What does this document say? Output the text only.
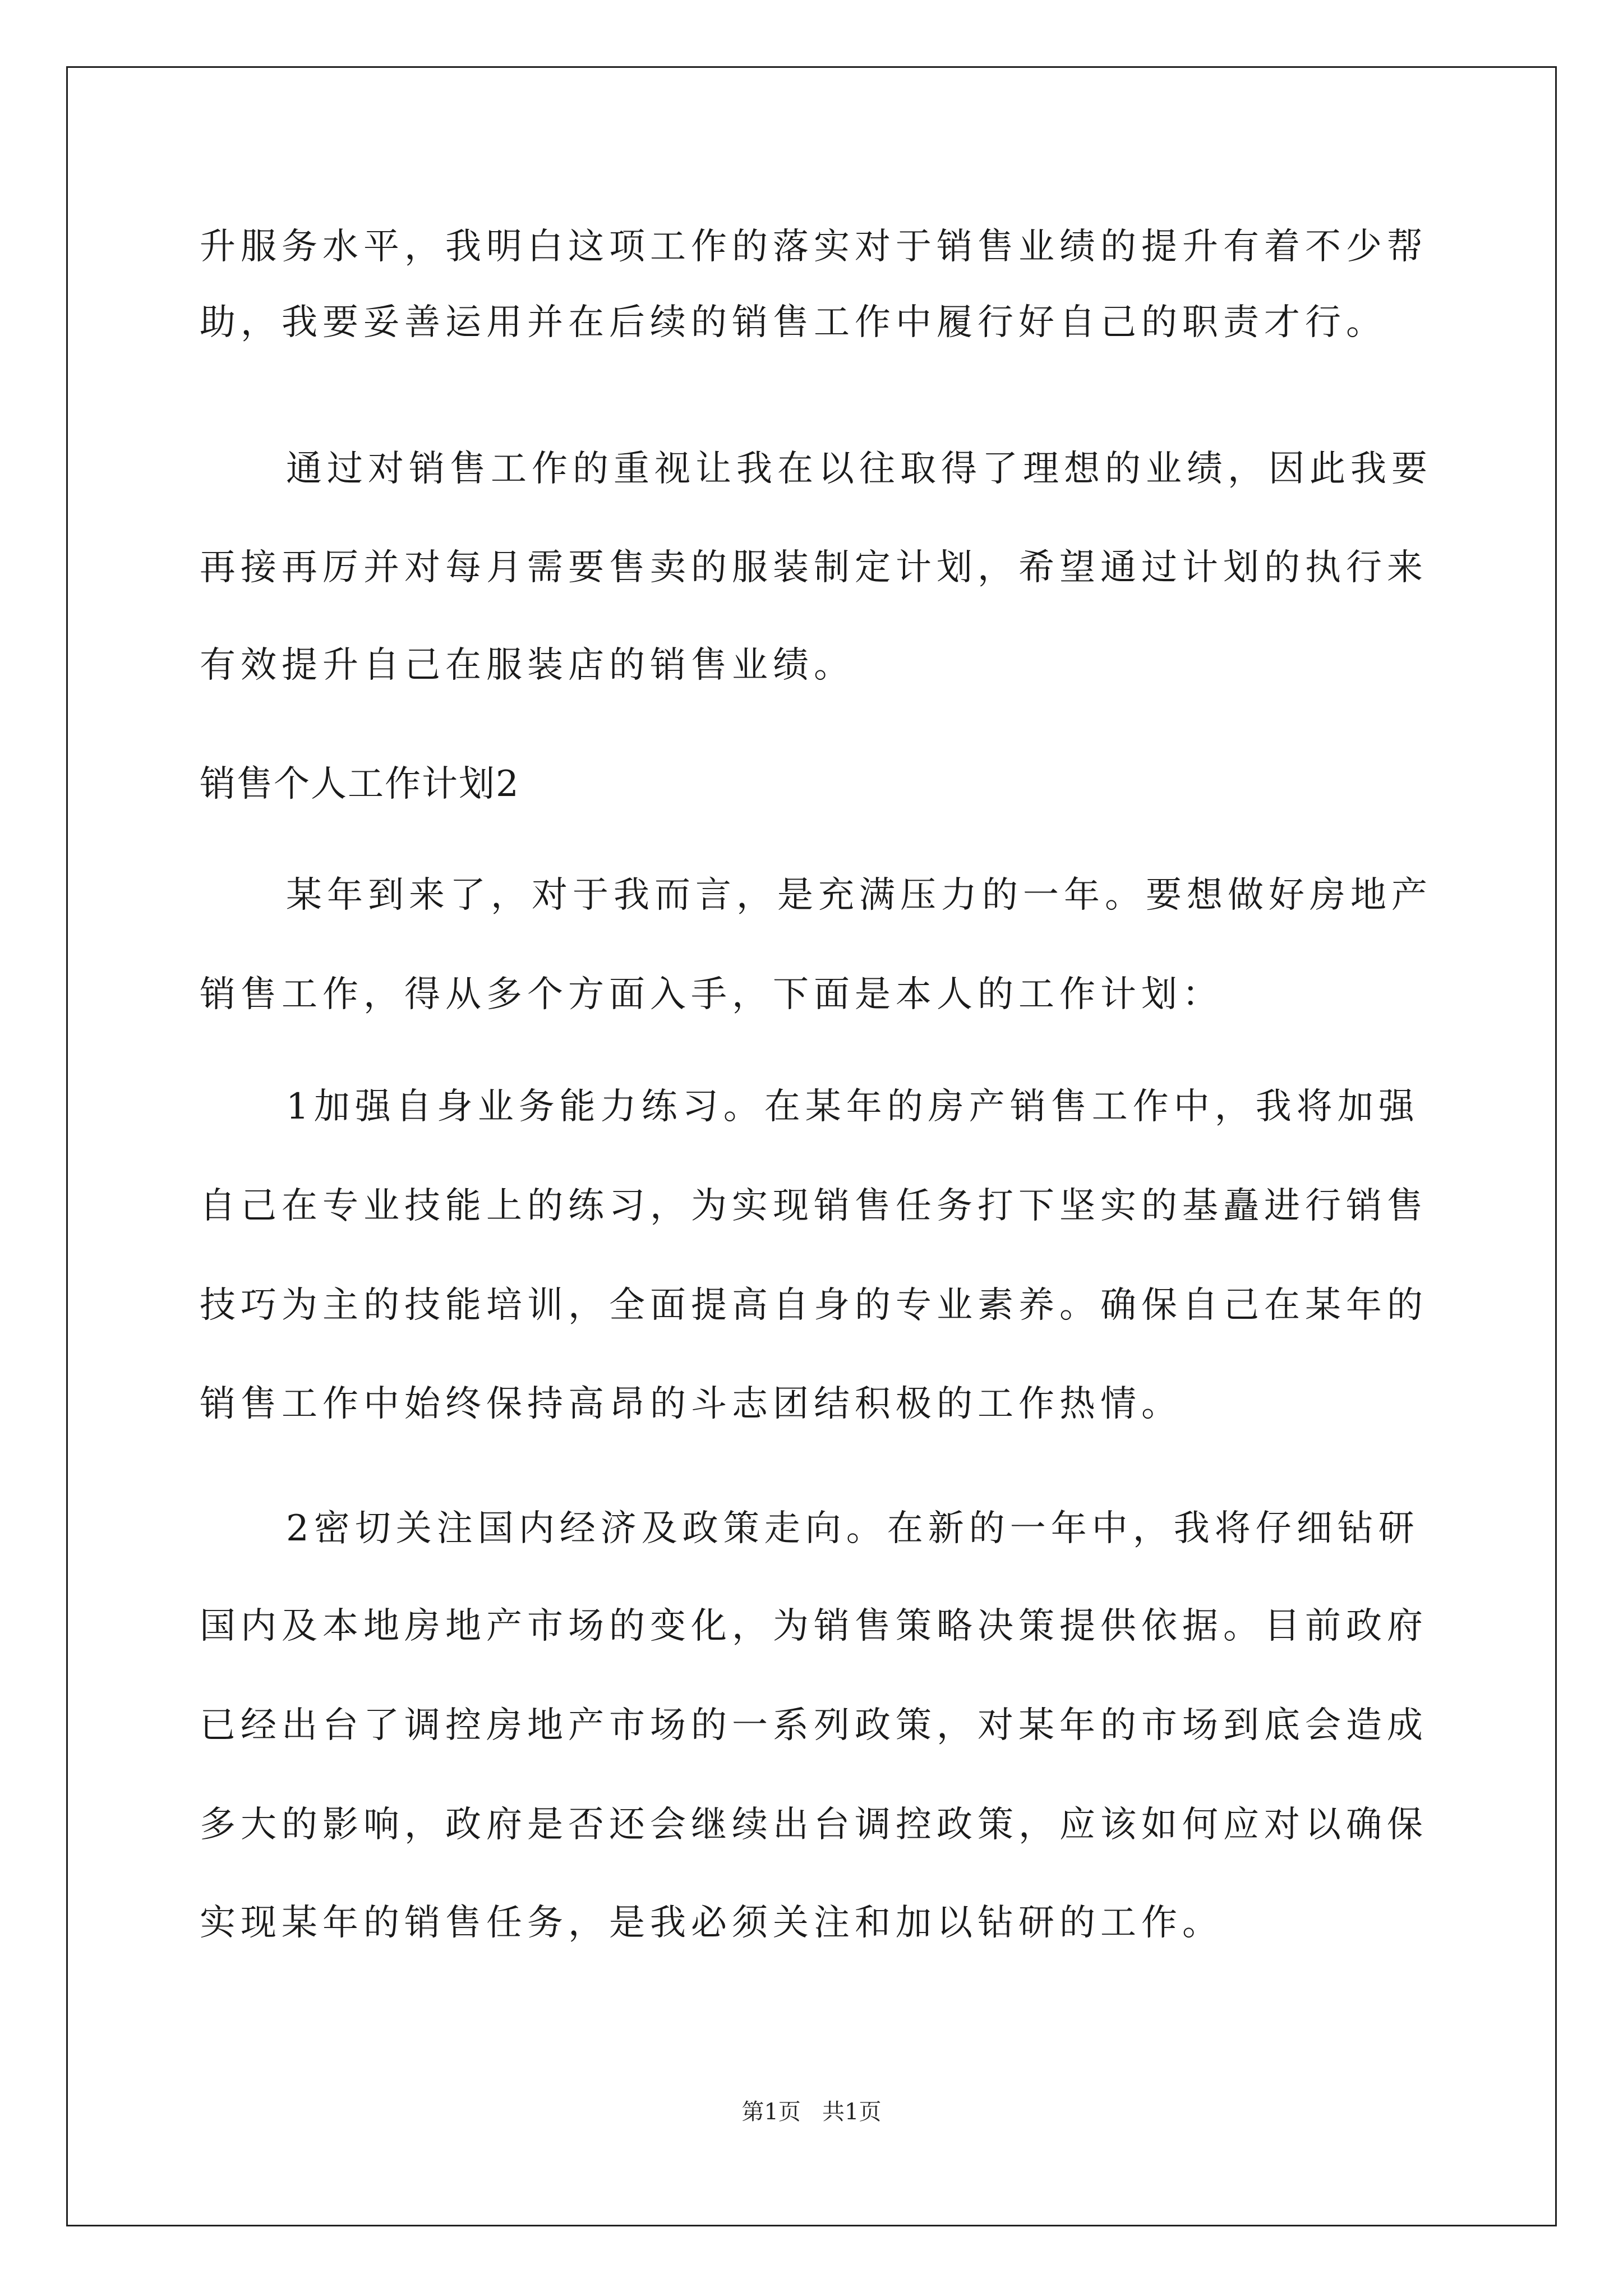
升服务水平，我明白这项工作的落实对于销售业绩的提升有着不少帮
助，我要妥善运用并在后续的销售工作中履行好自己的职责才行。
通过对销售工作的重视让我在以往取得了理想的业绩，因此我要
再接再厉并对每月需要售卖的服装制定计划，希望通过计划的执行来
有效提升自己在服装店的销售业绩。
销售个人工作计划2
某年到来了，对于我而言，是充满压力的一年。要想做好房地产
销售工作，得从多个方面入手，下面是本人的工作计划：
1加强自身业务能力练习。在某年的房产销售工作中，我将加强
自己在专业技能上的练习，为实现销售任务打下坚实的基矗进行销售
技巧为主的技能培训，全面提高自身的专业素养。确保自己在某年的
销售工作中始终保持高昂的斗志团结积极的工作热情。
2密切关注国内经济及政策走向。在新的一年中，我将仔细钻研
国内及本地房地产市场的变化，为销售策略决策提供依据。目前政府
已经出台了调控房地产市场的一系列政策，对某年的市场到底会造成
多大的影响，政府是否还会继续出台调控政策，应该如何应对以确保
实现某年的销售任务，是我必须关注和加以钻研的工作。
第1页   共1页
